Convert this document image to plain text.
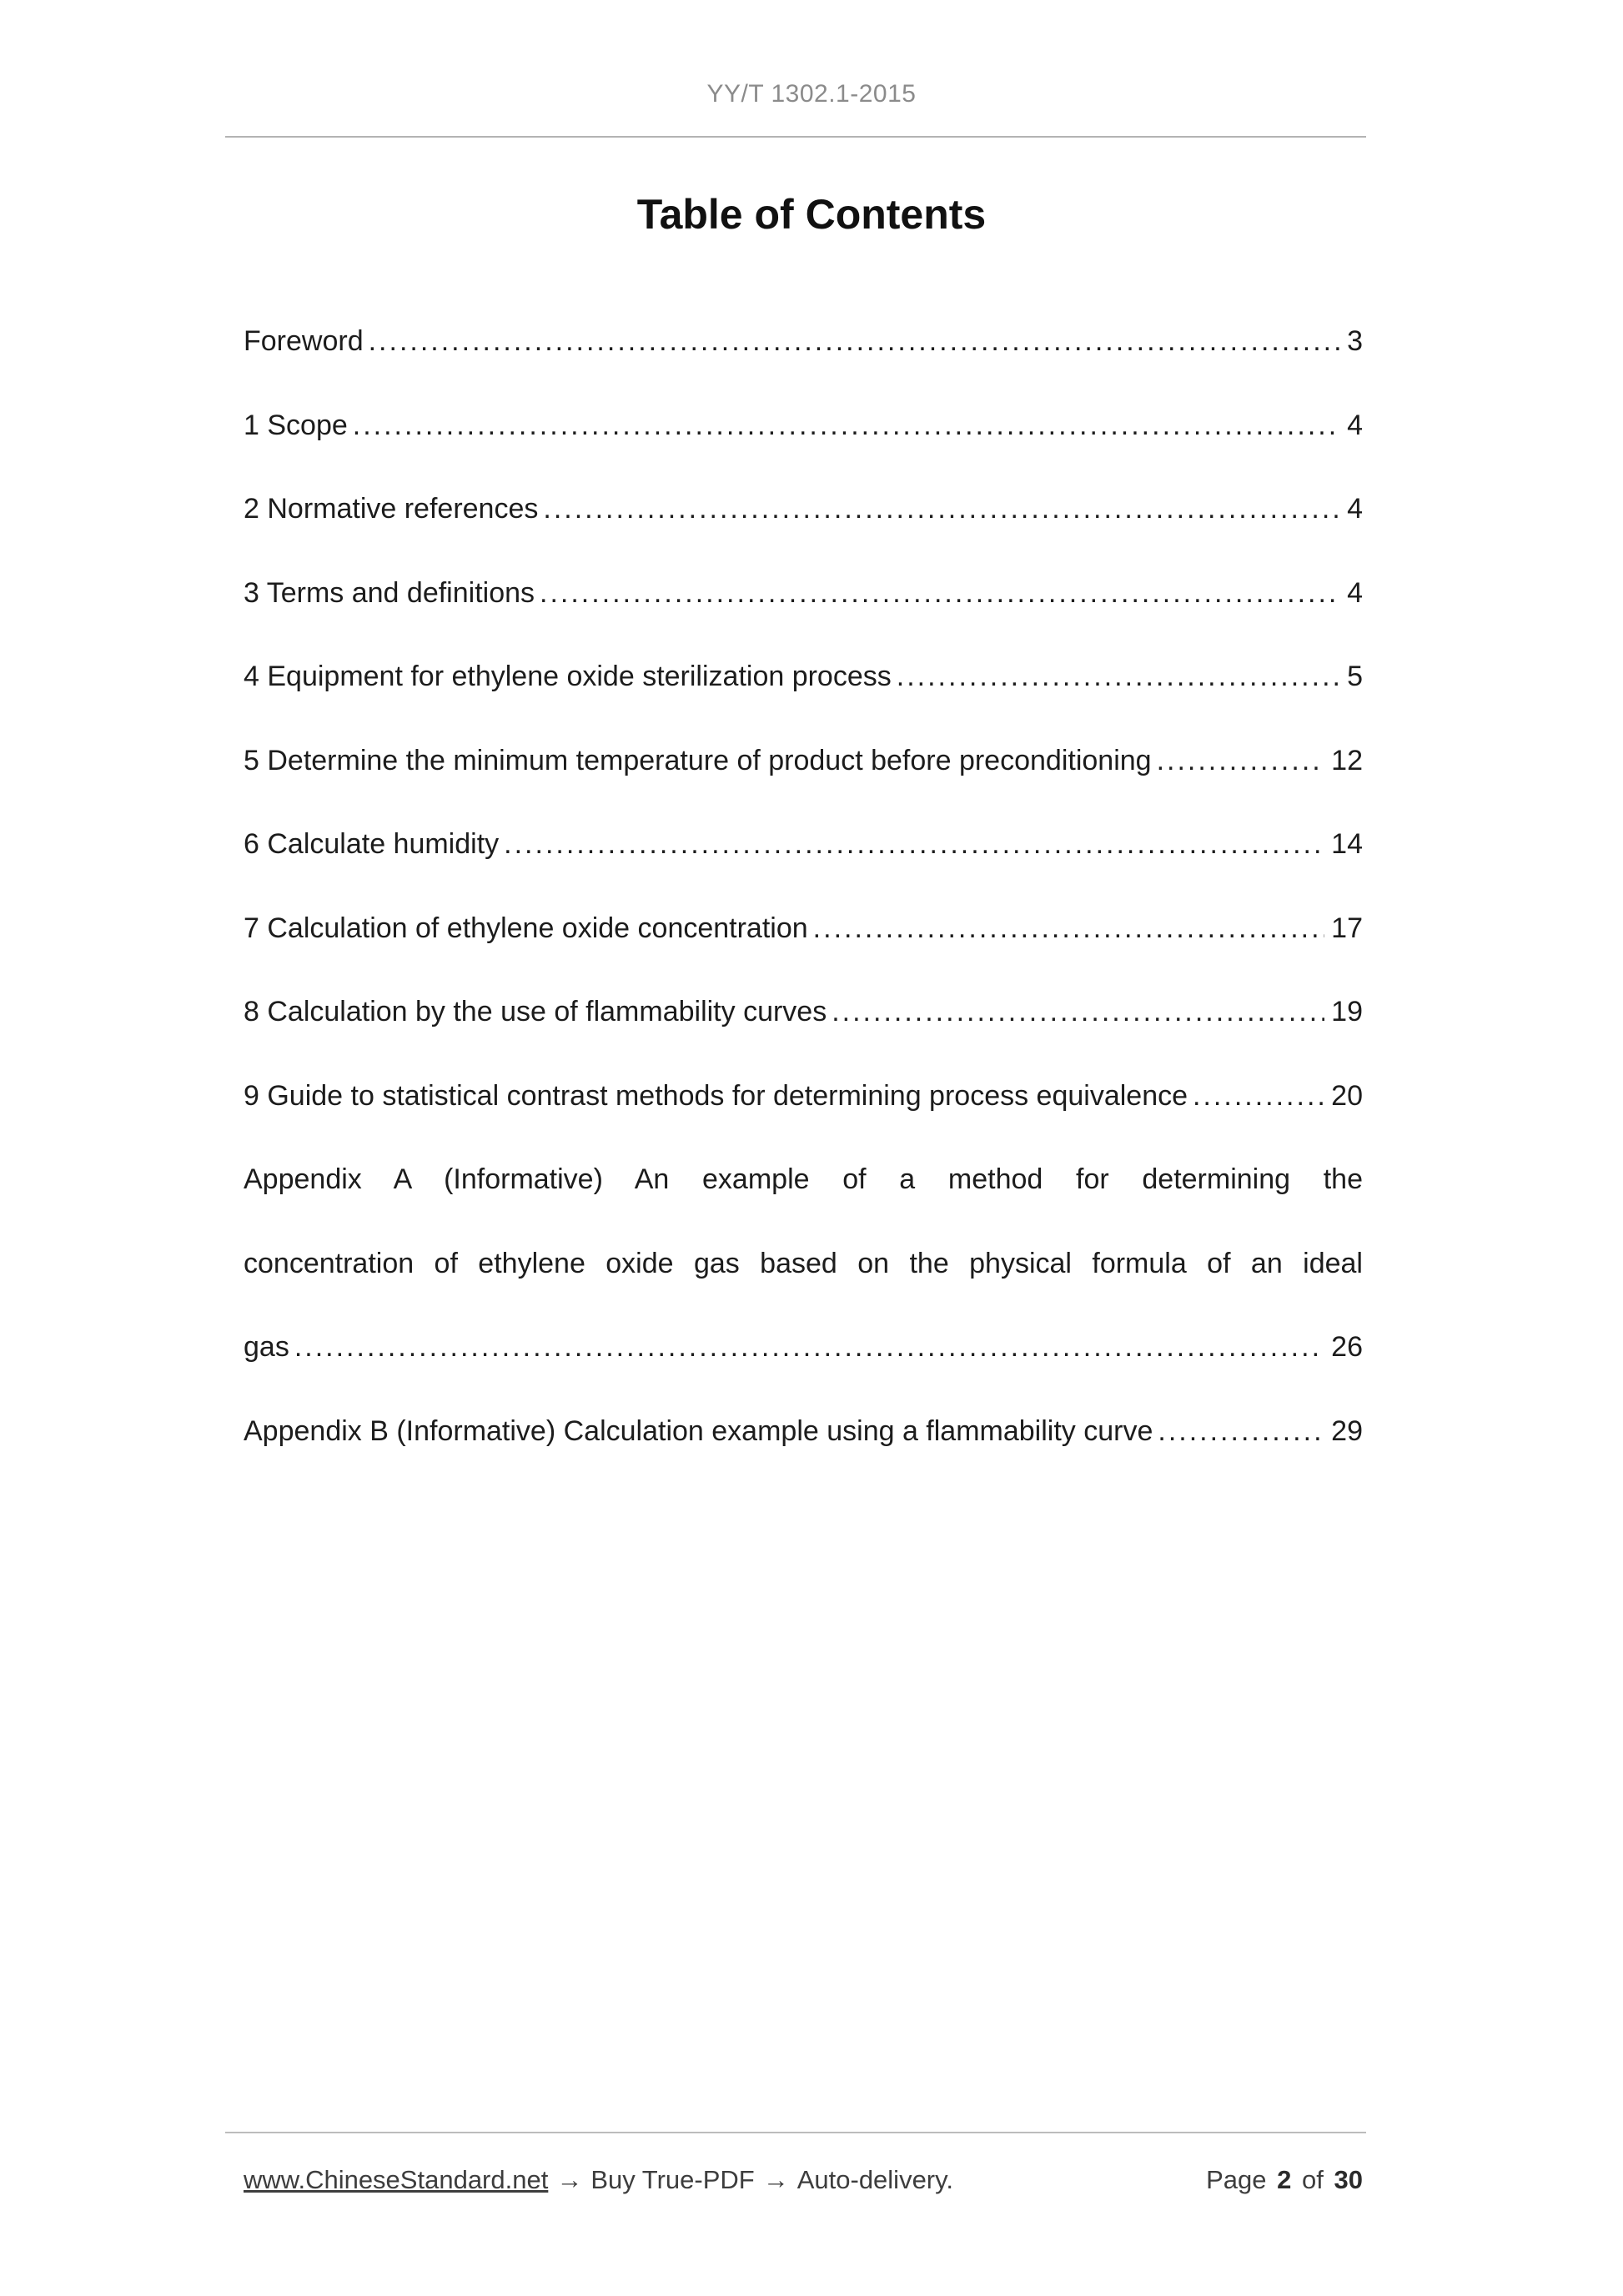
YY/T 1302.1-2015
Table of Contents
Foreword .....	3
1 Scope .....	4
2 Normative references .....	4
3 Terms and definitions .....	4
4 Equipment for ethylene oxide sterilization process .....	5
5 Determine the minimum temperature of product before preconditioning .....	12
6 Calculate humidity .....	14
7 Calculation of ethylene oxide concentration .....	17
8 Calculation by the use of flammability curves .....	19
9 Guide to statistical contrast methods for determining process equivalence .....	20
Appendix A (Informative) An example of a method for determining the
concentration of ethylene oxide gas based on the physical formula of an ideal
gas .....	26
Appendix B (Informative) Calculation example using a flammability curve .....	29
www.ChineseStandard.net → Buy True-PDF → Auto-delivery.	Page 2 of 30
